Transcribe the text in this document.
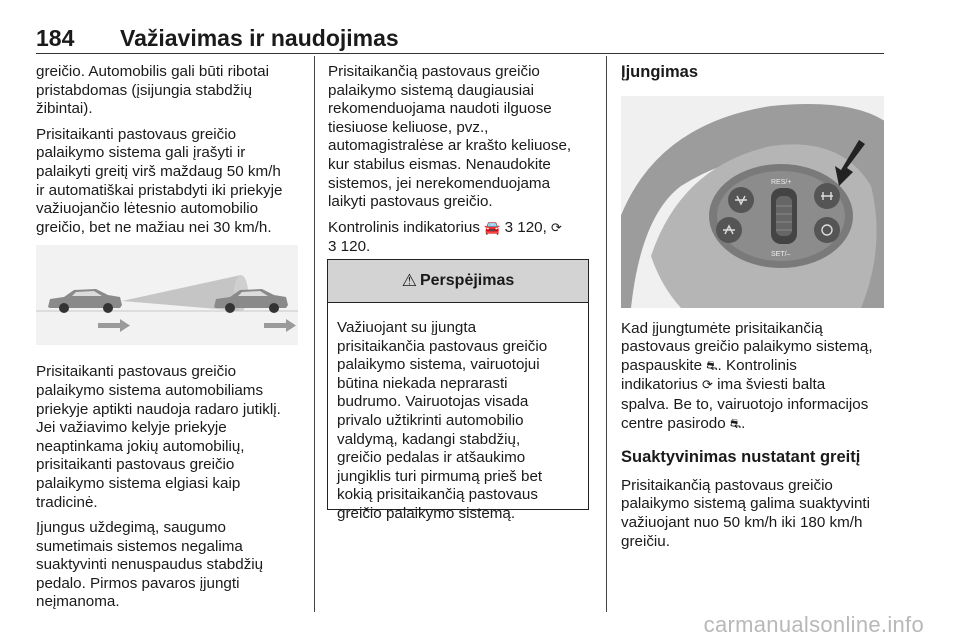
184 Važiavimas ir naudojimas

greičio. Automobilis gali būti ribotai
pristabdomas (įsijungia stabdžių
žibintai).

Prisitaikanti pastovaus greičio
palaikymo sistema gali įrašyti ir
palaikyti greitį virš maždaug 50 km/h
ir automatiškai pristabdyti iki priekyje
važiuojančio lėtesnio automobilio
greičio, bet ne mažiau nei 30 km/h.

Prisitaikanti pastovaus greičio
palaikymo sistema automobiliams
priekyje aptikti naudoja radaro jutiklį.
Jei važiavimo kelyje priekyje
neaptinkama jokių automobilių,
prisitaikanti pastovaus greičio
palaikymo sistema elgiasi kaip
tradicinė.

Įjungus uždegimą, saugumo
sumetimais sistemos negalima
suaktyvinti nenuspaudus stabdžių
pedalo. Pirmos pavaros įjungti
neįmanoma.

Prisitaikančią pastovaus greičio
palaikymo sistemą daugiausiai
rekomenduojama naudoti ilguose
tiesiuose keliuose, pvz.,
automagistralėse ar krašto keliuose,
kur stabilus eismas. Nenaudokite
sistemos, jei nerekomenduojama
laikyti pastovaus greičio.

Kontrolinis indikatorius 🚘 3 120, ⟳
3 120.

⚠ Perspėjimas
Važiuojant su įjungta
prisitaikančia pastovaus greičio
palaikymo sistema, vairuotojui
būtina niekada neprarasti
budrumo. Vairuotojas visada
privalo užtikrinti automobilio
valdymą, kadangi stabdžių,
greičio pedalas ir atšaukimo
jungiklis turi pirmumą prieš bet
kokią prisitaikančią pastovaus
greičio palaikymo sistemą.
Įjungimas
RES/+
SET/–

Kad įjungtumėte prisitaikančią
pastovaus greičio palaikymo sistemą,
paspauskite ⛐. Kontrolinis
indikatorius ⟳ ima šviesti balta
spalva. Be to, vairuotojo informacijos
centre pasirodo ⛐.

Suaktyvinimas nustatant greitį

Prisitaikančią pastovaus greičio
palaikymo sistemą galima suaktyvinti
važiuojant nuo 50 km/h iki 180 km/h
greičiu.

carmanualsonline.info
